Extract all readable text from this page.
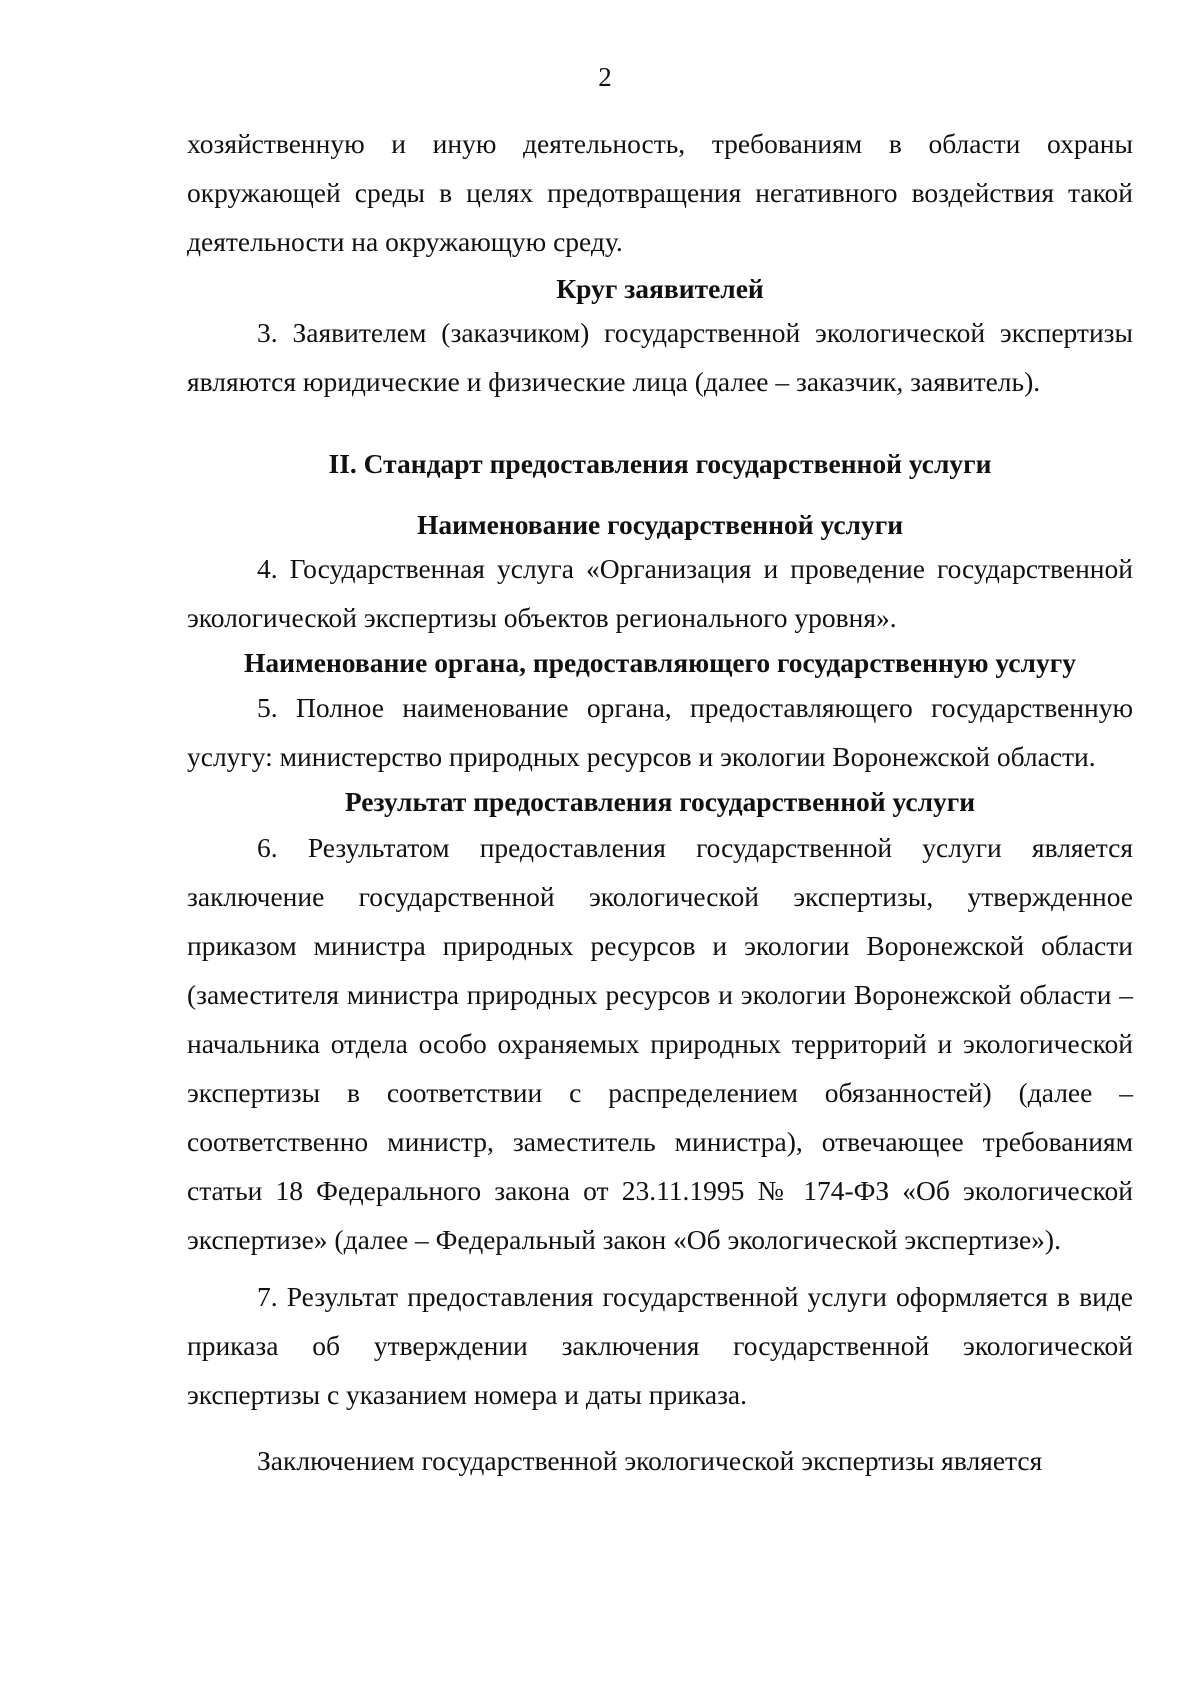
2

хозяйственную и иную деятельность, требованиям в области охраны окружающей среды в целях предотвращения негативного воздействия такой деятельности на окружающую среду.

Круг заявителей

3. Заявителем (заказчиком) государственной экологической экспертизы являются юридические и физические лица (далее – заказчик, заявитель).

II. Стандарт предоставления государственной услуги

Наименование государственной услуги

4. Государственная услуга «Организация и проведение государственной экологической экспертизы объектов регионального уровня».

Наименование органа, предоставляющего государственную услугу

5. Полное наименование органа, предоставляющего государственную услугу: министерство природных ресурсов и экологии Воронежской области.

Результат предоставления государственной услуги

6. Результатом предоставления государственной услуги является заключение государственной экологической экспертизы, утвержденное приказом министра природных ресурсов и экологии Воронежской области (заместителя министра природных ресурсов и экологии Воронежской области – начальника отдела особо охраняемых природных территорий и экологической экспертизы в соответствии с распределением обязанностей) (далее – соответственно министр, заместитель министра), отвечающее требованиям статьи 18 Федерального закона от 23.11.1995 № 174-ФЗ «Об экологической экспертизе» (далее – Федеральный закон «Об экологической экспертизе»).

7. Результат предоставления государственной услуги оформляется в виде приказа об утверждении заключения государственной экологической экспертизы с указанием номера и даты приказа.

Заключением государственной экологической экспертизы является
